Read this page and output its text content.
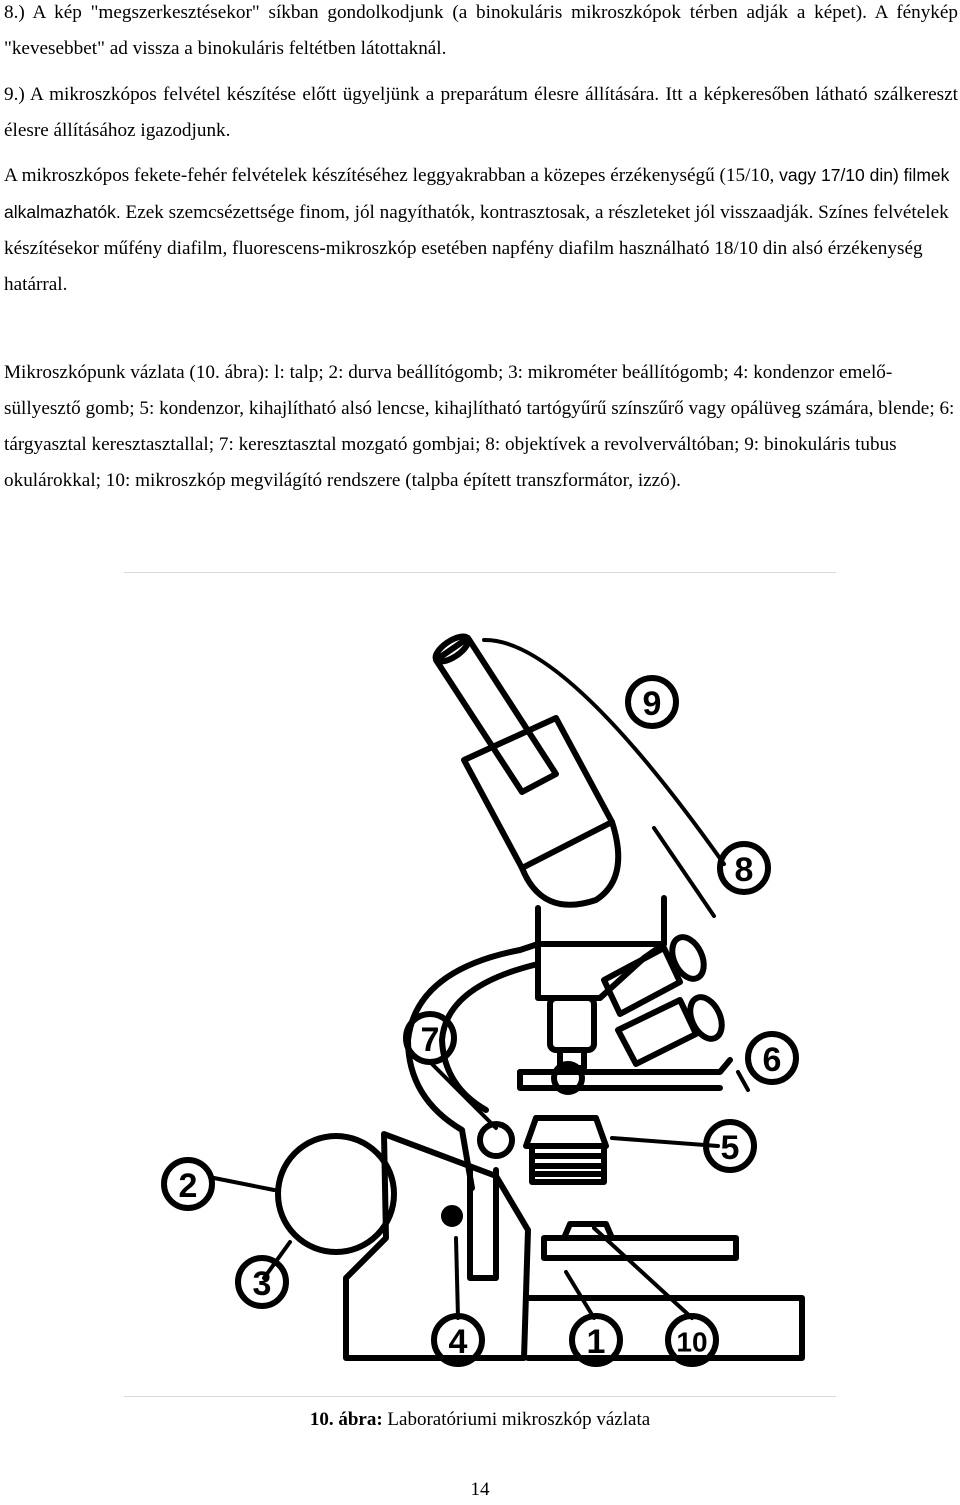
8.) A kép "megszerkesztésekor" síkban gondolkodjunk (a binokuláris mikroszkópok térben adják a képet). A fénykép "kevesebbet" ad vissza a binokuláris feltétben látottaknál.

9.) A mikroszkópos felvétel készítése előtt ügyeljünk a preparátum élesre állítására. Itt a képkeresőben látható szálkereszt élesre állításához igazodjunk.

A mikroszkópos fekete-fehér felvételek készítéséhez leggyakrabban a közepes érzékenységű (15/10, vagy 17/10 din) filmek alkalmazhatók. Ezek szemcsézettsége finom, jól nagyíthatók, kontrasztosak, a részleteket jól visszaadják. Színes felvételek készítésekor műfény diafilm, fluorescens-mikroszkóp esetében napfény diafilm használható 18/10 din alsó érzékenység határral.

Mikroszkópunk vázlata (10. ábra): l: talp; 2: durva beállítógomb; 3: mikrométer beállítógomb; 4: kondenzor emelő-süllyesztő gomb; 5: kondenzor, kihajlítható alsó lencse, kihajlítható tartógyűrű színszűrő vagy opálüveg számára, blende; 6: tárgyasztal keresztasztallal; 7: keresztasztal mozgató gombjai; 8: objektívek a revolverváltóban; 9: binokuláris tubus okulárokkal; 10: mikroszkóp megvilágító rendszere (talpba épített transzformátor, izzó).

9
8
7
6
5
2
3
4	1	10
10. ábra: Laboratóriumi mikroszkóp vázlata
14
